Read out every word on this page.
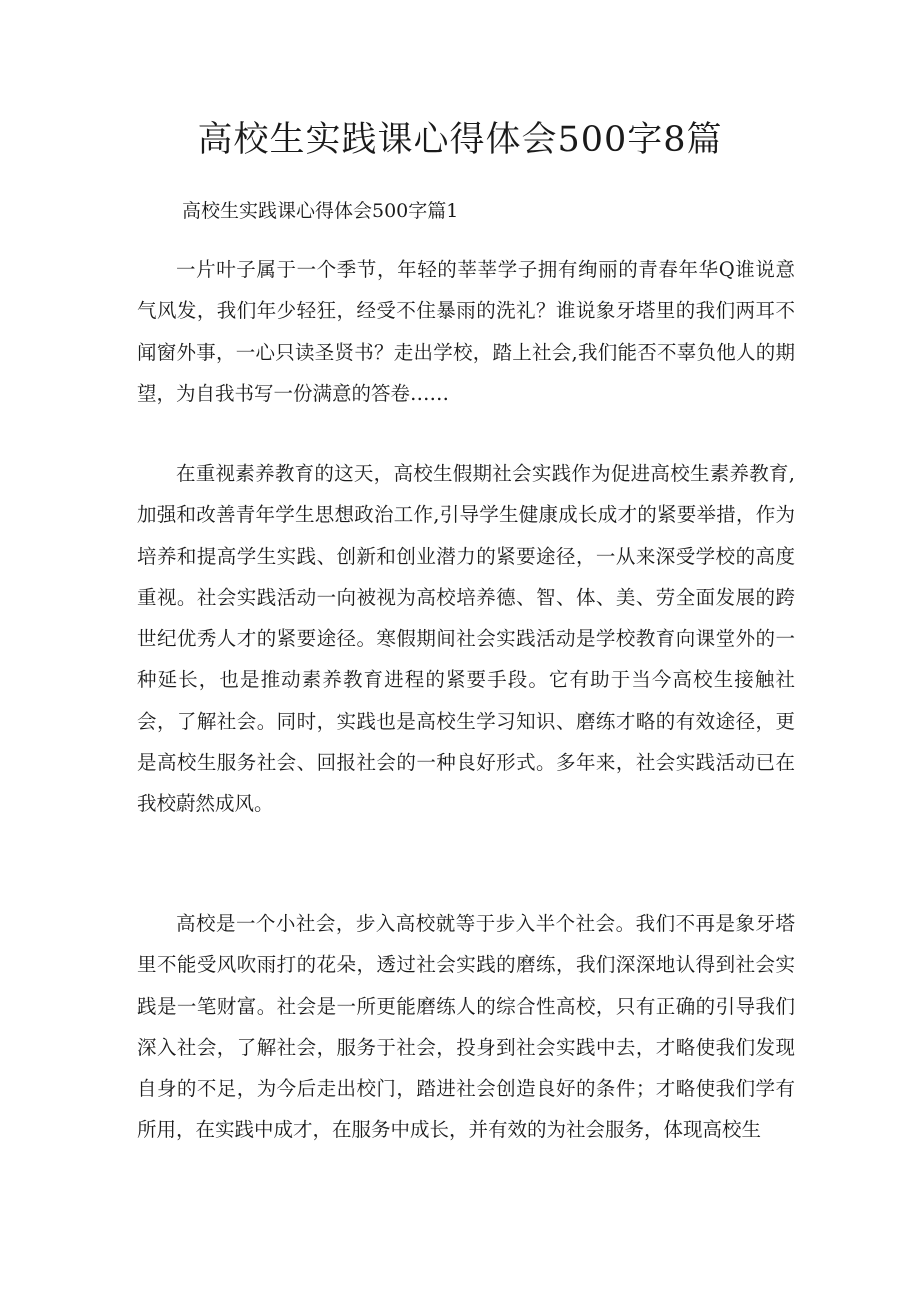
高校生实践课心得体会500字8篇
高校生实践课心得体会500字篇1

一片叶子属于一个季节，年轻的莘莘学子拥有绚丽的青春年华Q谁说意气风发，我们年少轻狂，经受不住暴雨的洗礼？谁说象牙塔里的我们两耳不闻窗外事，一心只读圣贤书？走出学校，踏上社会,我们能否不辜负他人的期望，为自我书写一份满意的答卷……

在重视素养教育的这天，高校生假期社会实践作为促进高校生素养教育,加强和改善青年学生思想政治工作,引导学生健康成长成才的紧要举措，作为培养和提高学生实践、创新和创业潜力的紧要途径，一从来深受学校的高度重视。社会实践活动一向被视为高校培养德、智、体、美、劳全面发展的跨世纪优秀人才的紧要途径。寒假期间社会实践活动是学校教育向课堂外的一种延长，也是推动素养教育进程的紧要手段。它有助于当今高校生接触社会，了解社会。同时，实践也是高校生学习知识、磨练才略的有效途径，更是高校生服务社会、回报社会的一种良好形式。多年来，社会实践活动已在我校蔚然成风。

高校是一个小社会，步入高校就等于步入半个社会。我们不再是象牙塔里不能受风吹雨打的花朵，透过社会实践的磨练，我们深深地认得到社会实践是一笔财富。社会是一所更能磨练人的综合性高校，只有正确的引导我们深入社会，了解社会，服务于社会，投身到社会实践中去，才略使我们发现自身的不足，为今后走出校门，踏进社会创造良好的条件；才略使我们学有所用，在实践中成才，在服务中成长，并有效的为社会服务，体现高校生
